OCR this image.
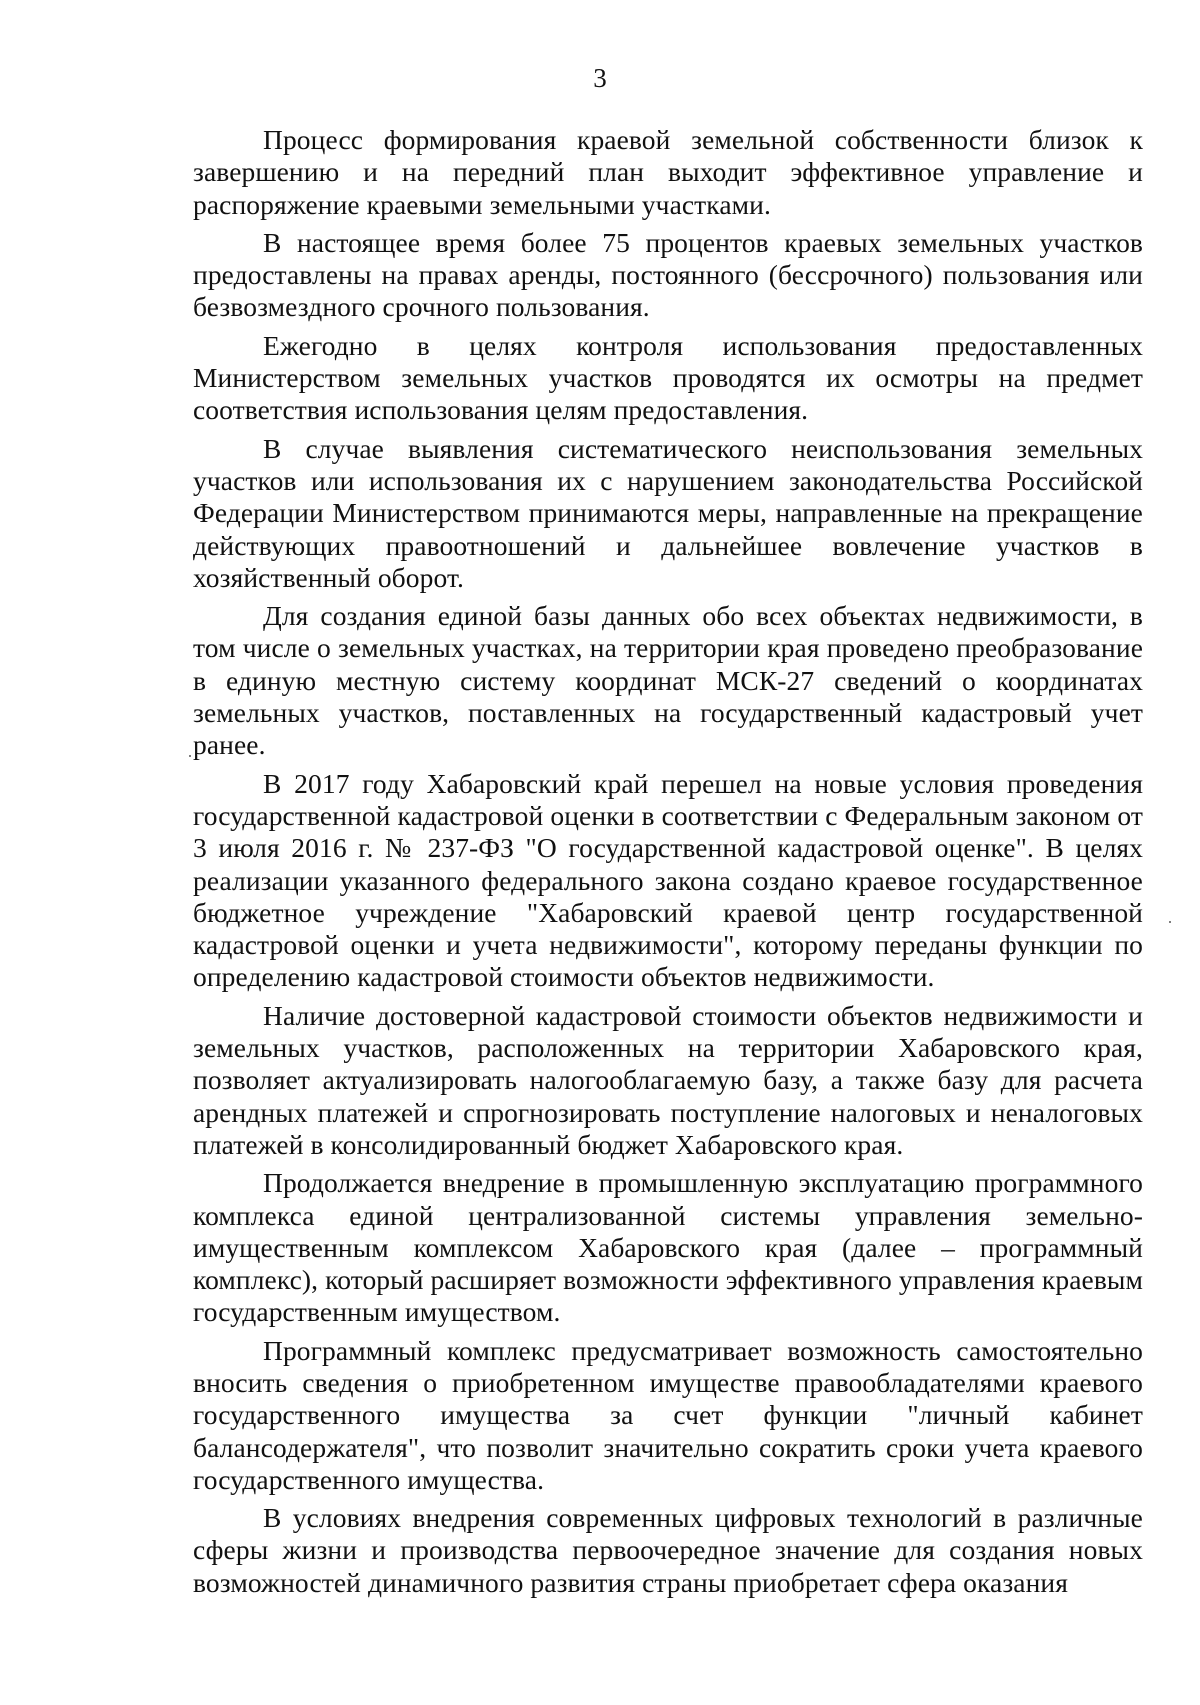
3

Процесс формирования краевой земельной собственности близок к завершению и на передний план выходит эффективное управление и распоряжение краевыми земельными участками.

В настоящее время более 75 процентов краевых земельных участков предоставлены на правах аренды, постоянного (бессрочного) пользования или безвозмездного срочного пользования.

Ежегодно в целях контроля использования предоставленных Министерством земельных участков проводятся их осмотры на предмет соответствия использования целям предоставления.

В случае выявления систематического неиспользования земельных участков или использования их с нарушением законодательства Российской Федерации Министерством принимаются меры, направленные на прекращение действующих правоотношений и дальнейшее вовлечение участков в хозяйственный оборот.

Для создания единой базы данных обо всех объектах недвижимости, в том числе о земельных участках, на территории края проведено преобразование в единую местную систему координат МСК-27 сведений о координатах земельных участков, поставленных на государственный кадастровый учет ранее.

В 2017 году Хабаровский край перешел на новые условия проведения государственной кадастровой оценки в соответствии с Федеральным законом от 3 июля 2016 г. № 237-ФЗ "О государственной кадастровой оценке". В целях реализации указанного федерального закона создано краевое государственное бюджетное учреждение "Хабаровский краевой центр государственной кадастровой оценки и учета недвижимости", которому переданы функции по определению кадастровой стоимости объектов недвижимости.

Наличие достоверной кадастровой стоимости объектов недвижимости и земельных участков, расположенных на территории Хабаровского края, позволяет актуализировать налогооблагаемую базу, а также базу для расчета арендных платежей и спрогнозировать поступление налоговых и неналоговых платежей в консолидированный бюджет Хабаровского края.

Продолжается внедрение в промышленную эксплуатацию программного комплекса единой централизованной системы управления земельно-имущественным комплексом Хабаровского края (далее – программный комплекс), который расширяет возможности эффективного управления краевым государственным имуществом.

Программный комплекс предусматривает возможность самостоятельно вносить сведения о приобретенном имуществе правообладателями краевого государственного имущества за счет функции "личный кабинет балансодержателя", что позволит значительно сократить сроки учета краевого государственного имущества.

В условиях внедрения современных цифровых технологий в различные сферы жизни и производства первоочередное значение для создания новых возможностей динамичного развития страны приобретает сфера оказания
